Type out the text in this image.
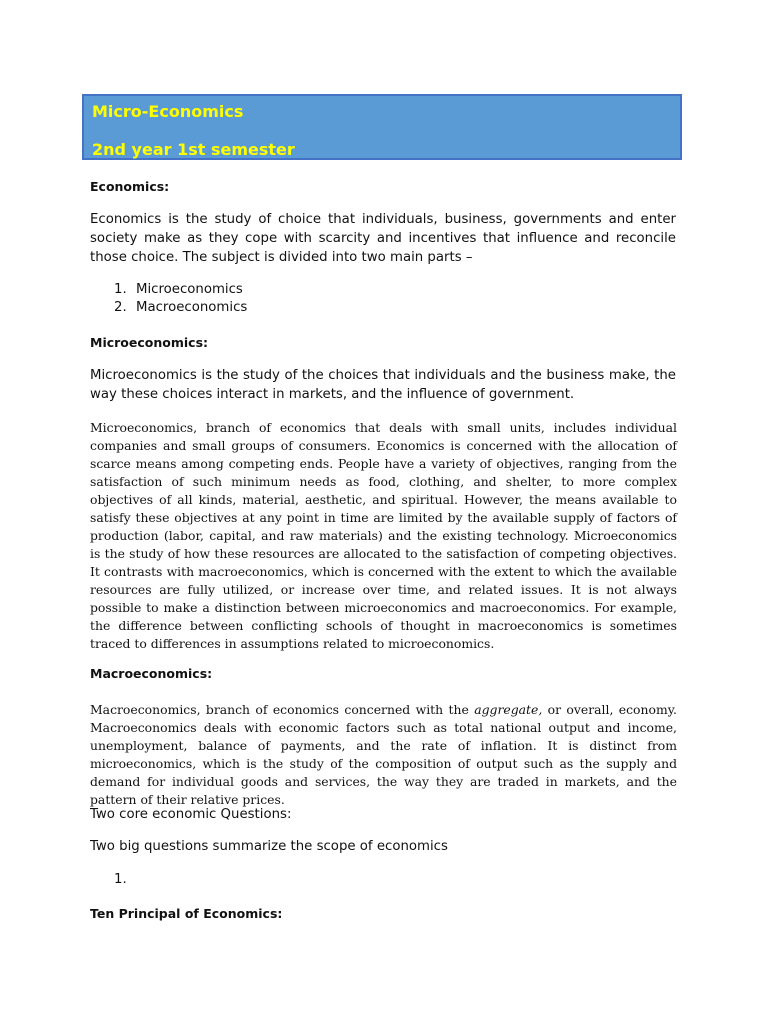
Micro-Economics
2nd year 1st semester
Economics:
Economics is the study of choice that individuals, business, governments and enter society make as they cope with scarcity and incentives that influence and reconcile those choice. The subject is divided into two main parts –
1. Microeconomics
2. Macroeconomics
Microeconomics:
Microeconomics is the study of the choices that individuals and the business make, the way these choices interact in markets, and the influence of government.
Microeconomics, branch of economics that deals with small units, includes individual companies and small groups of consumers. Economics is concerned with the allocation of scarce means among competing ends. People have a variety of objectives, ranging from the satisfaction of such minimum needs as food, clothing, and shelter, to more complex objectives of all kinds, material, aesthetic, and spiritual. However, the means available to satisfy these objectives at any point in time are limited by the available supply of factors of production (labor, capital, and raw materials) and the existing technology. Microeconomics is the study of how these resources are allocated to the satisfaction of competing objectives. It contrasts with macroeconomics, which is concerned with the extent to which the available resources are fully utilized, or increase over time, and related issues. It is not always possible to make a distinction between microeconomics and macroeconomics. For example, the difference between conflicting schools of thought in macroeconomics is sometimes traced to differences in assumptions related to microeconomics.
Macroeconomics:
Macroeconomics, branch of economics concerned with the aggregate, or overall, economy. Macroeconomics deals with economic factors such as total national output and income, unemployment, balance of payments, and the rate of inflation. It is distinct from microeconomics, which is the study of the composition of output such as the supply and demand for individual goods and services, the way they are traded in markets, and the pattern of their relative prices.
Two core economic Questions:
Two big questions summarize the scope of economics
1.
Ten Principal of Economics:
